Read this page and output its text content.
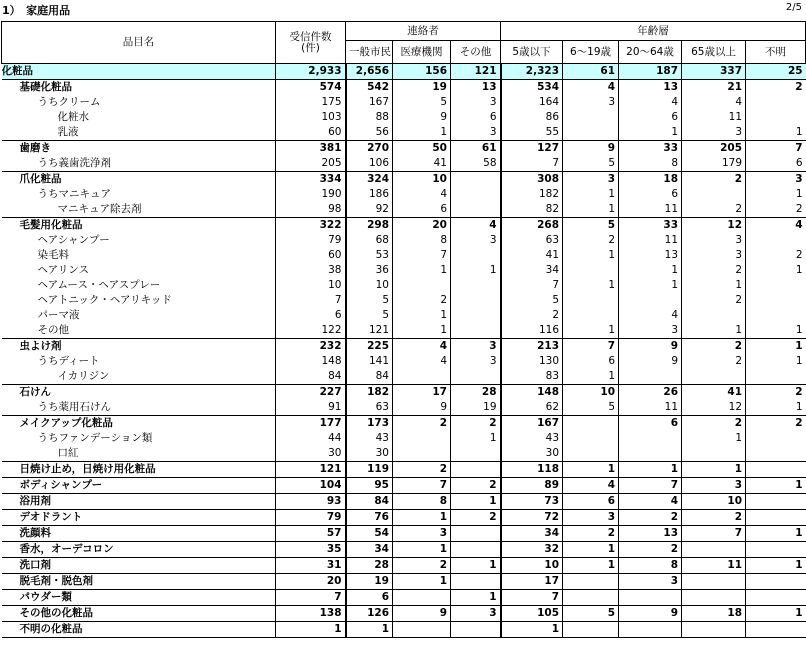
1）　家庭用品	2/5
品目名	受信件数
(件)	連絡者			年齢層				
		一般市民	医療機関	その他	5歳以下	6～19歳	20～64歳	65歳以上	不明
化粧品	2,933	2,656	156	121	2,323	61	187	337	25
基礎化粧品	574	542	19	13	534	4	13	21	2
うちクリーム	175	167	5	3	164	3	4	4	
化粧水	103	88	9	6	86		6	11	
乳液	60	56	1	3	55		1	3	1
歯磨き	381	270	50	61	127	9	33	205	7
うち義歯洗浄剤	205	106	41	58	7	5	8	179	6
爪化粧品	334	324	10		308	3	18	2	3
うちマニキュア	190	186	4		182	1	6		1
マニキュア除去剤	98	92	6		82	1	11	2	2
毛髪用化粧品	322	298	20	4	268	5	33	12	4
ヘアシャンプー	79	68	8	3	63	2	11	3	
染毛料	60	53	7		41	1	13	3	2
ヘアリンス	38	36	1	1	34		1	2	1
ヘアムース・ヘアスプレー	10	10			7	1	1	1	
ヘアトニック・ヘアリキッド	7	5	2		5			2	
パーマ液	6	5	1		2		4		
その他	122	121	1		116	1	3	1	1
虫よけ剤	232	225	4	3	213	7	9	2	1
うちディート	148	141	4	3	130	6	9	2	1
イカリジン	84	84			83	1			
石けん	227	182	17	28	148	10	26	41	2
うち薬用石けん	91	63	9	19	62	5	11	12	1
メイクアップ化粧品	177	173	2	2	167		6	2	2
うちファンデーション類	44	43		1	43			1	
口紅	30	30			30				
日焼け止め，日焼け用化粧品	121	119	2		118	1	1	1	
ボディシャンプー	104	95	7	2	89	4	7	3	1
浴用剤	93	84	8	1	73	6	4	10	
デオドラント	79	76	1	2	72	3	2	2	
洗顔料	57	54	3		34	2	13	7	1
香水，オーデコロン	35	34	1		32	1	2		
洗口剤	31	28	2	1	10	1	8	11	1
脱毛剤・脱色剤	20	19	1		17		3		
パウダー類	7	6		1	7				
その他の化粧品	138	126	9	3	105	5	9	18	1
不明の化粧品	1	1			1				
